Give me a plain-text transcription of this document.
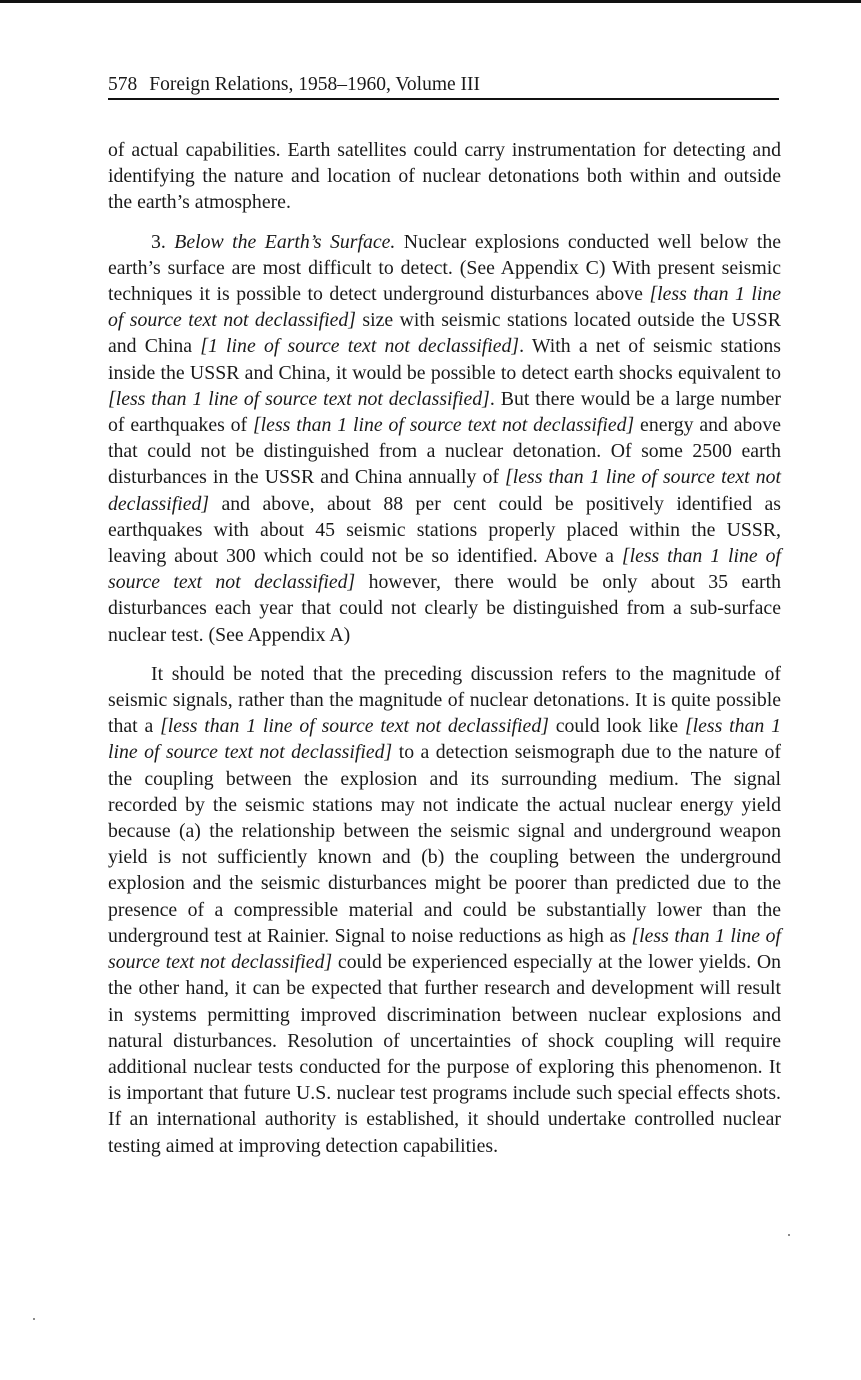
578 Foreign Relations, 1958–1960, Volume III

of actual capabilities. Earth satellites could carry instrumentation for detecting and identifying the nature and location of nuclear detonations both within and outside the earth’s atmosphere.

3. Below the Earth’s Surface. Nuclear explosions conducted well below the earth’s surface are most difficult to detect. (See Appendix C) With present seismic techniques it is possible to detect underground disturbances above [less than 1 line of source text not declassified] size with seismic stations located outside the USSR and China [1 line of source text not declassified]. With a net of seismic stations inside the USSR and China, it would be possible to detect earth shocks equivalent to [less than 1 line of source text not declassified]. But there would be a large number of earthquakes of [less than 1 line of source text not declassified] energy and above that could not be distinguished from a nuclear detonation. Of some 2500 earth disturbances in the USSR and China annually of [less than 1 line of source text not declassified] and above, about 88 per cent could be positively identified as earthquakes with about 45 seismic stations properly placed within the USSR, leaving about 300 which could not be so identified. Above a [less than 1 line of source text not declassified] however, there would be only about 35 earth disturbances each year that could not clearly be distinguished from a sub-surface nuclear test. (See Appendix A)

It should be noted that the preceding discussion refers to the magnitude of seismic signals, rather than the magnitude of nuclear detonations. It is quite possible that a [less than 1 line of source text not declassified] could look like [less than 1 line of source text not declassified] to a detection seismograph due to the nature of the coupling between the explosion and its surrounding medium. The signal recorded by the seismic stations may not indicate the actual nuclear energy yield because (a) the relationship between the seismic signal and underground weapon yield is not sufficiently known and (b) the coupling between the underground explosion and the seismic disturbances might be poorer than predicted due to the presence of a compressible material and could be substantially lower than the underground test at Rainier. Signal to noise reductions as high as [less than 1 line of source text not declassified] could be experienced especially at the lower yields. On the other hand, it can be expected that further research and development will result in systems permitting improved discrimination between nuclear explosions and natural disturbances. Resolution of uncertainties of shock coupling will require additional nuclear tests conducted for the purpose of exploring this phenomenon. It is important that future U.S. nuclear test programs include such special effects shots. If an international authority is established, it should undertake controlled nuclear testing aimed at improving detection capabilities.
